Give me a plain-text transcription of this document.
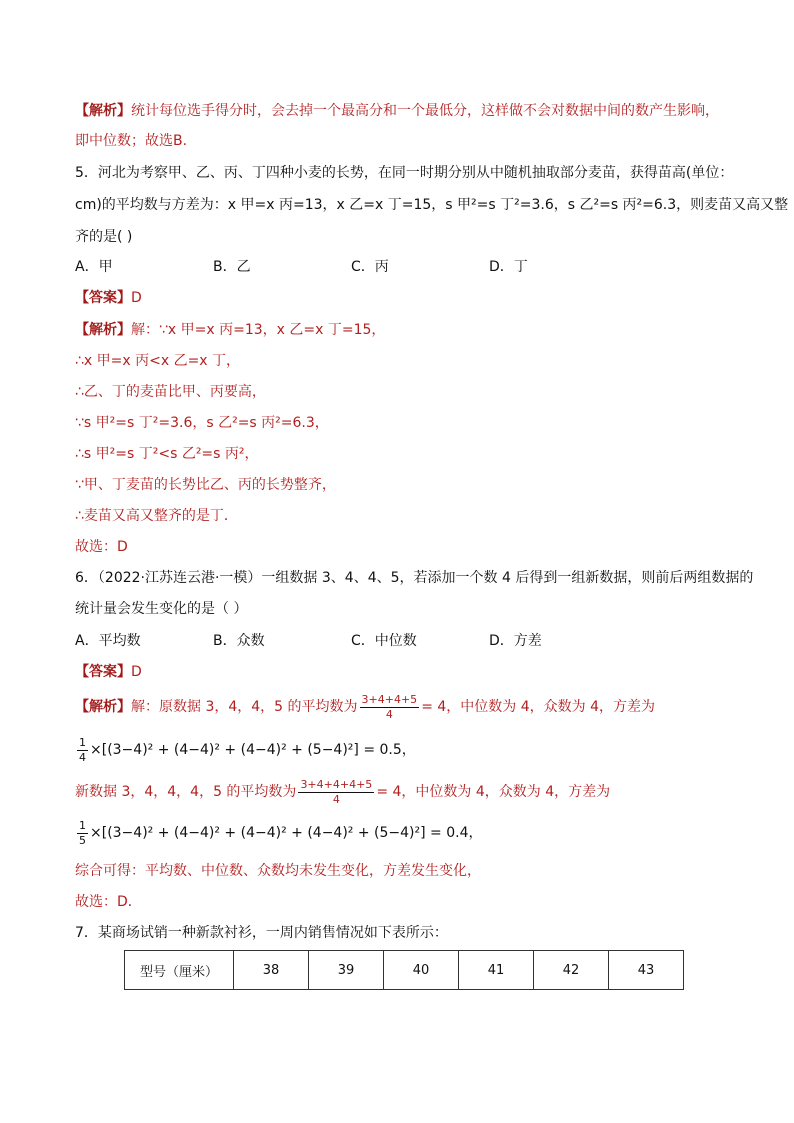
【解析】统计每位选手得分时，会去掉一个最高分和一个最低分，这样做不会对数据中间的数产生影响，
即中位数；故选B.
5．河北为考察甲、乙、丙、丁四种小麦的长势，在同一时期分别从中随机抽取部分麦苗，获得苗高(单位：
cm)的平均数与方差为：x 甲=x 丙=13，x 乙=x 丁=15，s 甲²=s 丁²=3.6，s 乙²=s 丙²=6.3，则麦苗又高又整
齐的是( )
A．甲	B．乙	C．丙	D．丁
【答案】D
【解析】解：∵x 甲=x 丙=13，x 乙=x 丁=15，
∴x 甲=x 丙<x 乙=x 丁，
∴乙、丁的麦苗比甲、丙要高，
∵s 甲²=s 丁²=3.6，s 乙²=s 丙²=6.3，
∴s 甲²=s 丁²<s 乙²=s 丙²，
∵甲、丁麦苗的长势比乙、丙的长势整齐，
∴麦苗又高又整齐的是丁．
故选：D
6．（2022·江苏连云港·一模）一组数据 3、4、4、5，若添加一个数 4 后得到一组新数据，则前后两组数据的
统计量会发生变化的是（ ）
A．平均数	B．众数	C．中位数	D．方差
【答案】D
【解析】解：原数据 3，4，4，5 的平均数为 $\frac{3+4+4+5}{4} = 4$，中位数为 4，众数为 4，方差为
$\frac{1}{4} \times[(3-4)^2 + (4-4)^2 + (4-4)^2 + (5-4)^2] = 0.5$，
新数据 3，4，4，4，5 的平均数为 $\frac{3+4+4+4+5}{4} = 4$，中位数为 4，众数为 4，方差为
$\frac{1}{5} \times[(3-4)^2 + (4-4)^2 + (4-4)^2 + (4-4)^2 + (5-4)^2] = 0.4$，
综合可得：平均数、中位数、众数均未发生变化，方差发生变化，
故选：D．
7．某商场试销一种新款衬衫，一周内销售情况如下表所示：
型号（厘米）	38	39	40	41	42	43
